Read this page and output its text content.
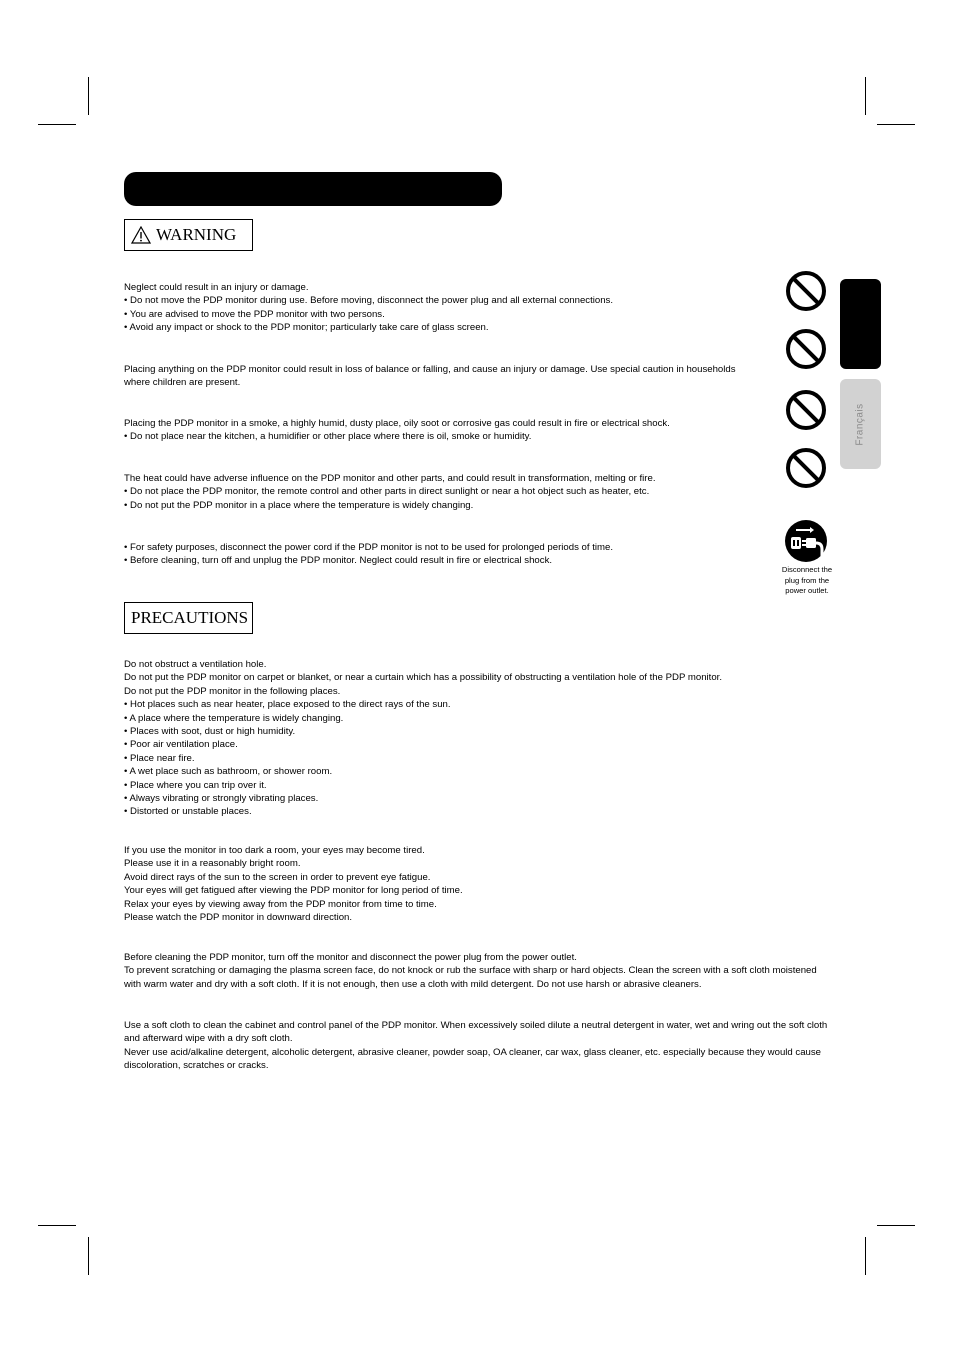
WARNING

Neglect could result in an injury or damage.

• Do not move the PDP monitor during use. Before moving, disconnect the power plug and all external connections.

• You are advised to move the PDP monitor with two persons.

• Avoid any impact or shock to the PDP monitor; particularly take care of glass screen.

Placing anything on the PDP monitor could result in loss of balance or falling, and cause an injury or damage. Use special caution in households where children are present.

Placing the PDP monitor in a smoke, a highly humid, dusty place, oily soot or corrosive gas could result in fire or electrical shock.

• Do not place near the kitchen, a humidifier or other place where there is oil, smoke or humidity.

The heat could have adverse influence on the PDP monitor and other parts, and could result in transformation, melting or fire.

• Do not place the PDP monitor, the remote control and other parts in direct sunlight or near a hot object such as heater, etc.

• Do not put the PDP monitor in a place where the temperature is widely changing.

• For safety purposes, disconnect the power cord if the PDP monitor is not to be used for prolonged periods of time.

• Before cleaning, turn off and unplug the PDP monitor. Neglect could result in fire or electrical shock.

Disconnect the
plug from the
power outlet.
Français
PRECAUTIONS

Do not obstruct a ventilation hole.

Do not put the PDP monitor on carpet or blanket, or near a curtain which has a possibility of obstructing a ventilation hole of the PDP monitor.

Do not put the PDP monitor in the following places.

• Hot places such as near heater, place exposed to the direct rays of the sun.

• A place where the temperature is widely changing.

• Places with soot, dust or high humidity.

• Poor air ventilation place.

• Place near fire.

• A wet place such as bathroom, or shower room.

• Place where you can trip over it.

• Always vibrating or strongly vibrating places.

• Distorted or unstable places.

If you use the monitor in too dark a room, your eyes may become tired.

Please use it in a reasonably bright room.

Avoid direct rays of the sun to the screen in order to prevent eye fatigue.

Your eyes will get fatigued after viewing the PDP monitor for long period of time.

Relax your eyes by viewing away from the PDP monitor from time to time.

Please watch the PDP monitor in downward direction.

Before cleaning the PDP monitor, turn off the monitor and disconnect the power plug from the power outlet.

To prevent scratching or damaging the plasma screen face, do not knock or rub the surface with sharp or hard objects. Clean the screen with a soft cloth moistened with warm water and dry with a soft cloth. If it is not enough, then use a cloth with mild detergent. Do not use harsh or abrasive cleaners.

Use a soft cloth to clean the cabinet and control panel of the PDP monitor. When excessively soiled dilute a neutral detergent in water, wet and wring out the soft cloth and afterward wipe with a dry soft cloth.

Never use acid/alkaline detergent, alcoholic detergent, abrasive cleaner, powder soap, OA cleaner, car wax, glass cleaner, etc. especially because they would cause discoloration, scratches or cracks.
